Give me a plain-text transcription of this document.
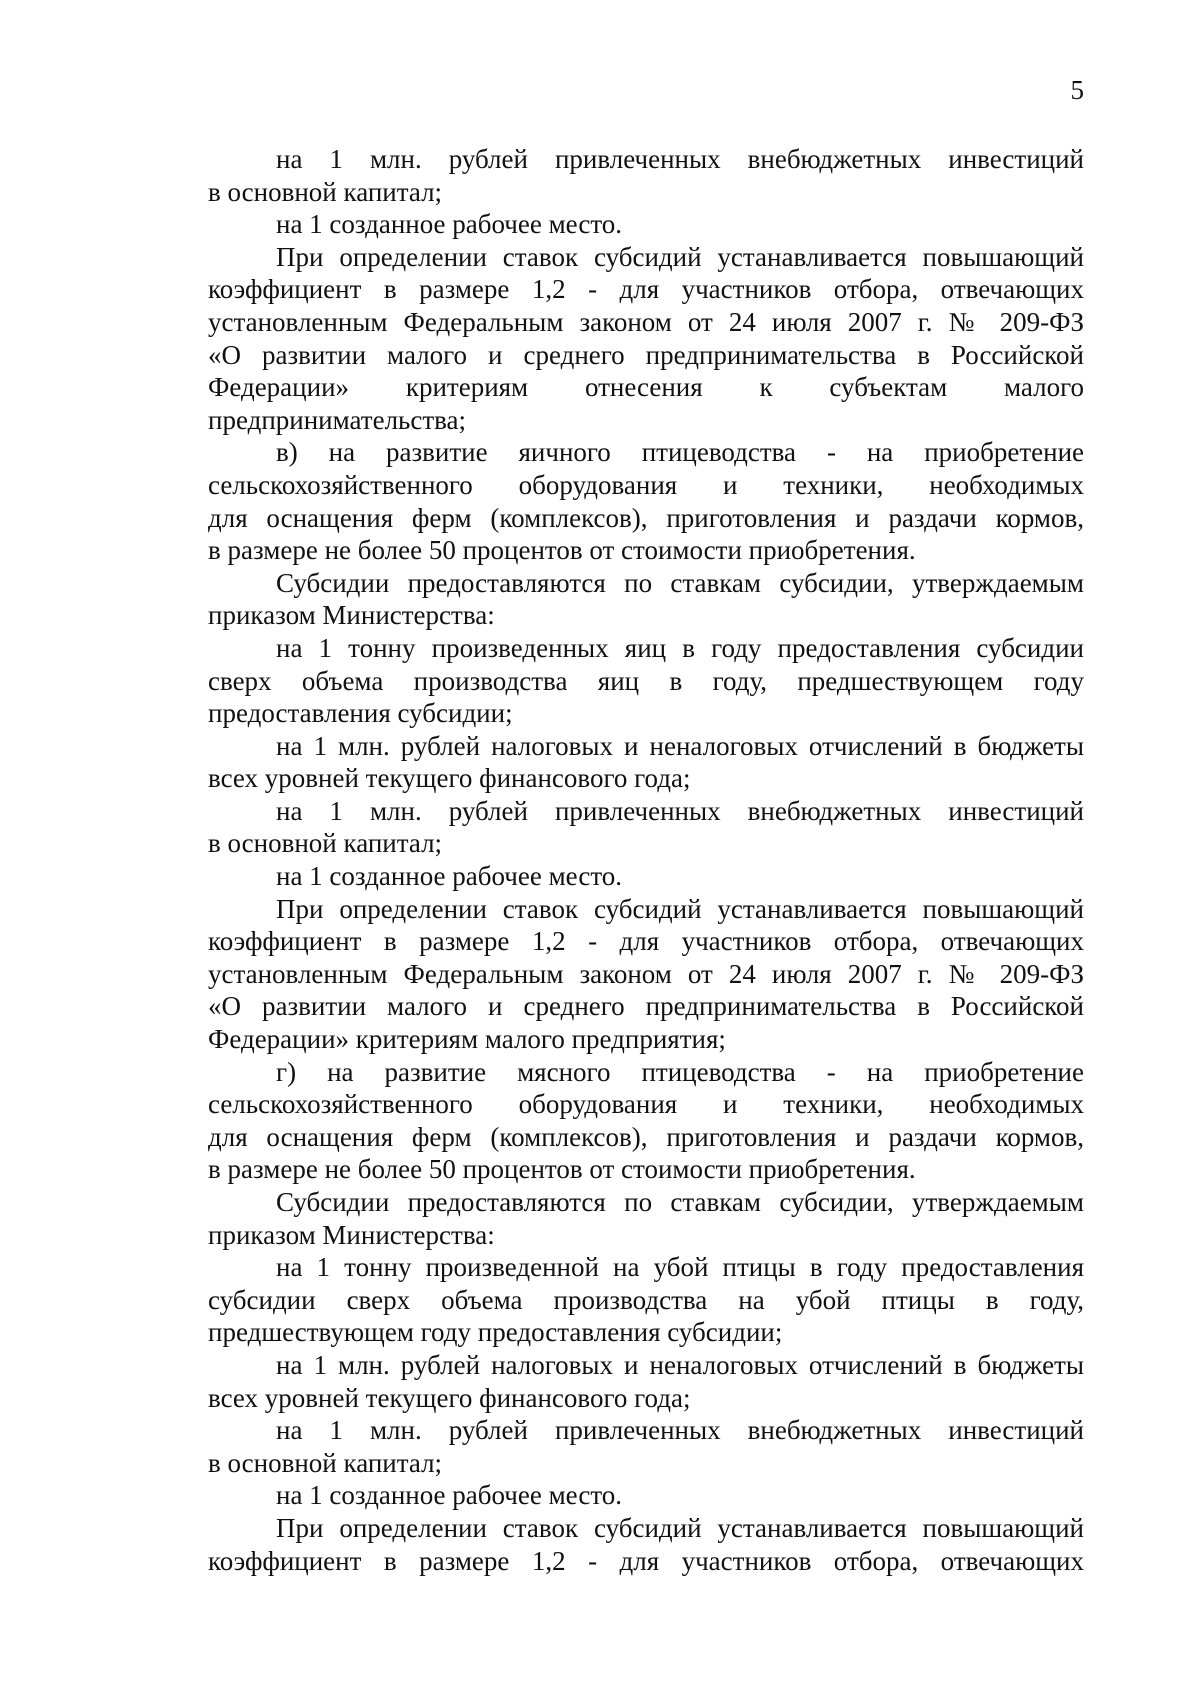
5
на 1 млн. рублей привлеченных внебюджетных инвестиций
в основной капитал;
на 1 созданное рабочее место.
При определении ставок субсидий устанавливается повышающий
коэффициент в размере 1,2 - для участников отбора, отвечающих
установленным Федеральным законом от 24 июля 2007 г. № 209-ФЗ
«О развитии малого и среднего предпринимательства в Российской
Федерации» критериям отнесения к субъектам малого
предпринимательства;
в) на развитие яичного птицеводства - на приобретение
сельскохозяйственного оборудования и техники, необходимых
для оснащения ферм (комплексов), приготовления и раздачи кормов,
в размере не более 50 процентов от стоимости приобретения.
Субсидии предоставляются по ставкам субсидии, утверждаемым
приказом Министерства:
на 1 тонну произведенных яиц в году предоставления субсидии
сверх объема производства яиц в году, предшествующем году
предоставления субсидии;
на 1 млн. рублей налоговых и неналоговых отчислений в бюджеты
всех уровней текущего финансового года;
на 1 млн. рублей привлеченных внебюджетных инвестиций
в основной капитал;
на 1 созданное рабочее место.
При определении ставок субсидий устанавливается повышающий
коэффициент в размере 1,2 - для участников отбора, отвечающих
установленным Федеральным законом от 24 июля 2007 г. № 209-ФЗ
«О развитии малого и среднего предпринимательства в Российской
Федерации» критериям малого предприятия;
г) на развитие мясного птицеводства - на приобретение
сельскохозяйственного оборудования и техники, необходимых
для оснащения ферм (комплексов), приготовления и раздачи кормов,
в размере не более 50 процентов от стоимости приобретения.
Субсидии предоставляются по ставкам субсидии, утверждаемым
приказом Министерства:
на 1 тонну произведенной на убой птицы в году предоставления
субсидии сверх объема производства на убой птицы в году,
предшествующем году предоставления субсидии;
на 1 млн. рублей налоговых и неналоговых отчислений в бюджеты
всех уровней текущего финансового года;
на 1 млн. рублей привлеченных внебюджетных инвестиций
в основной капитал;
на 1 созданное рабочее место.
При определении ставок субсидий устанавливается повышающий
коэффициент в размере 1,2 - для участников отбора, отвечающих
